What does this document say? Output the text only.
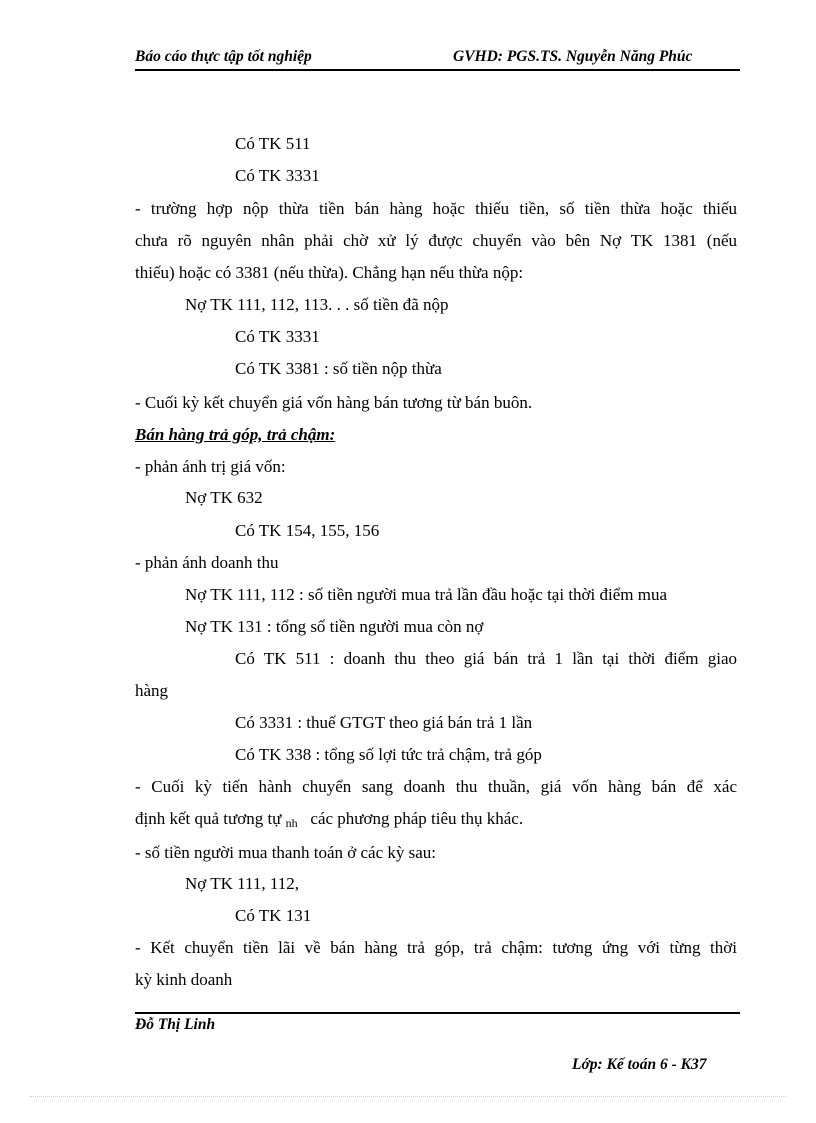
Báo cáo thực tập tốt nghiệp	GVHD: PGS.TS. Nguyễn Năng Phúc
Có TK 511
Có TK 3331
- trường hợp nộp thừa tiền bán hàng hoặc thiếu tiền, số tiền thừa hoặc thiếu
chưa rõ nguyên nhân phải chờ xử lý được chuyển vào bên Nợ TK 1381 (nếu
thiếu) hoặc có 3381 (nếu thừa). Chẳng hạn nếu thừa nộp:
Nợ TK 111, 112, 113. . . số tiền đã nộp
Có TK 3331
Có TK 3381 : số tiền nộp thừa
- Cuối kỳ kết chuyển giá vốn hàng bán tương từ bán buôn.
Bán hàng trả góp, trả chậm:
- phản ánh trị giá vốn:
Nợ TK 632
Có TK 154, 155, 156
- phản ánh doanh thu
Nợ TK 111, 112 : số tiền người mua trả lần đầu hoặc tại thời điểm mua
Nợ TK 131 : tổng số tiền người mua còn nợ
Có TK 511 : doanh thu theo giá bán trả 1 lần tại thời điểm giao
hàng
Có 3331 : thuế GTGT theo giá bán trả 1 lần
Có TK 338 : tổng số lợi tức trả chậm, trả góp
- Cuối kỳ tiến hành chuyển sang doanh thu thuần, giá vốn hàng bán để xác
định kết quả tương tự nh các phương pháp tiêu thụ khác.
- số tiền người mua thanh toán ở các kỳ sau:
Nợ TK 111, 112,
Có TK 131
- Kết chuyển tiền lãi về bán hàng trả góp, trả chậm: tương ứng với từng thời
kỳ kinh doanh
Đỗ Thị Linh
Lớp: Kế toán 6 - K37
